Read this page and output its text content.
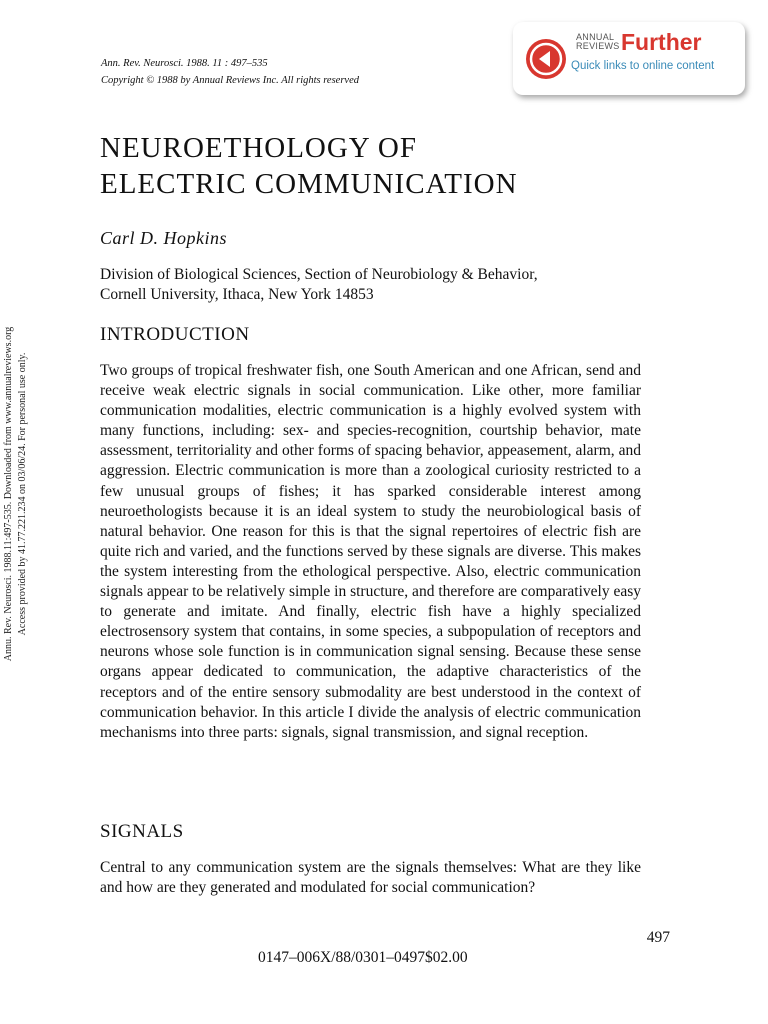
Ann. Rev. Neurosci. 1988. 11 : 497–535
Copyright © 1988 by Annual Reviews Inc. All rights reserved
ANNUAL
REVIEWS Further
Quick links to online content
Annu. Rev. Neurosci. 1988.11:497-535. Downloaded from www.annualreviews.org Access provided by 41.77.221.234 on 03/06/24. For personal use only.
NEUROETHOLOGY OF
ELECTRIC COMMUNICATION
Carl D. Hopkins
Division of Biological Sciences, Section of Neurobiology & Behavior,
Cornell University, Ithaca, New York 14853
INTRODUCTION

Two groups of tropical freshwater fish, one South American and one African, send and receive weak electric signals in social communication. Like other, more familiar communication modalities, electric communication is a highly evolved system with many functions, including: sex- and species-recognition, courtship behavior, mate assessment, territoriality and other forms of spacing behavior, appeasement, alarm, and aggression. Electric communication is more than a zoological curiosity restricted to a few unusual groups of fishes; it has sparked considerable interest among neuroethologists because it is an ideal system to study the neurobiological basis of natural behavior. One reason for this is that the signal repertoires of electric fish are quite rich and varied, and the functions served by these signals are diverse. This makes the system interesting from the ethological perspective. Also, electric communication signals appear to be relatively simple in structure, and therefore are comparatively easy to generate and imitate. And finally, electric fish have a highly specialized electrosensory system that contains, in some species, a subpopulation of receptors and neurons whose sole function is in communication signal sensing. Because these sense organs appear dedicated to communication, the adaptive characteristics of the receptors and of the entire sensory submodality are best understood in the context of communication behavior. In this article I divide the analysis of electric communication mechanisms into three parts: signals, signal transmission, and signal reception.

SIGNALS

Central to any communication system are the signals themselves: What are they like and how are they generated and modulated for social communication?

497
0147–006X/88/0301–0497$02.00
